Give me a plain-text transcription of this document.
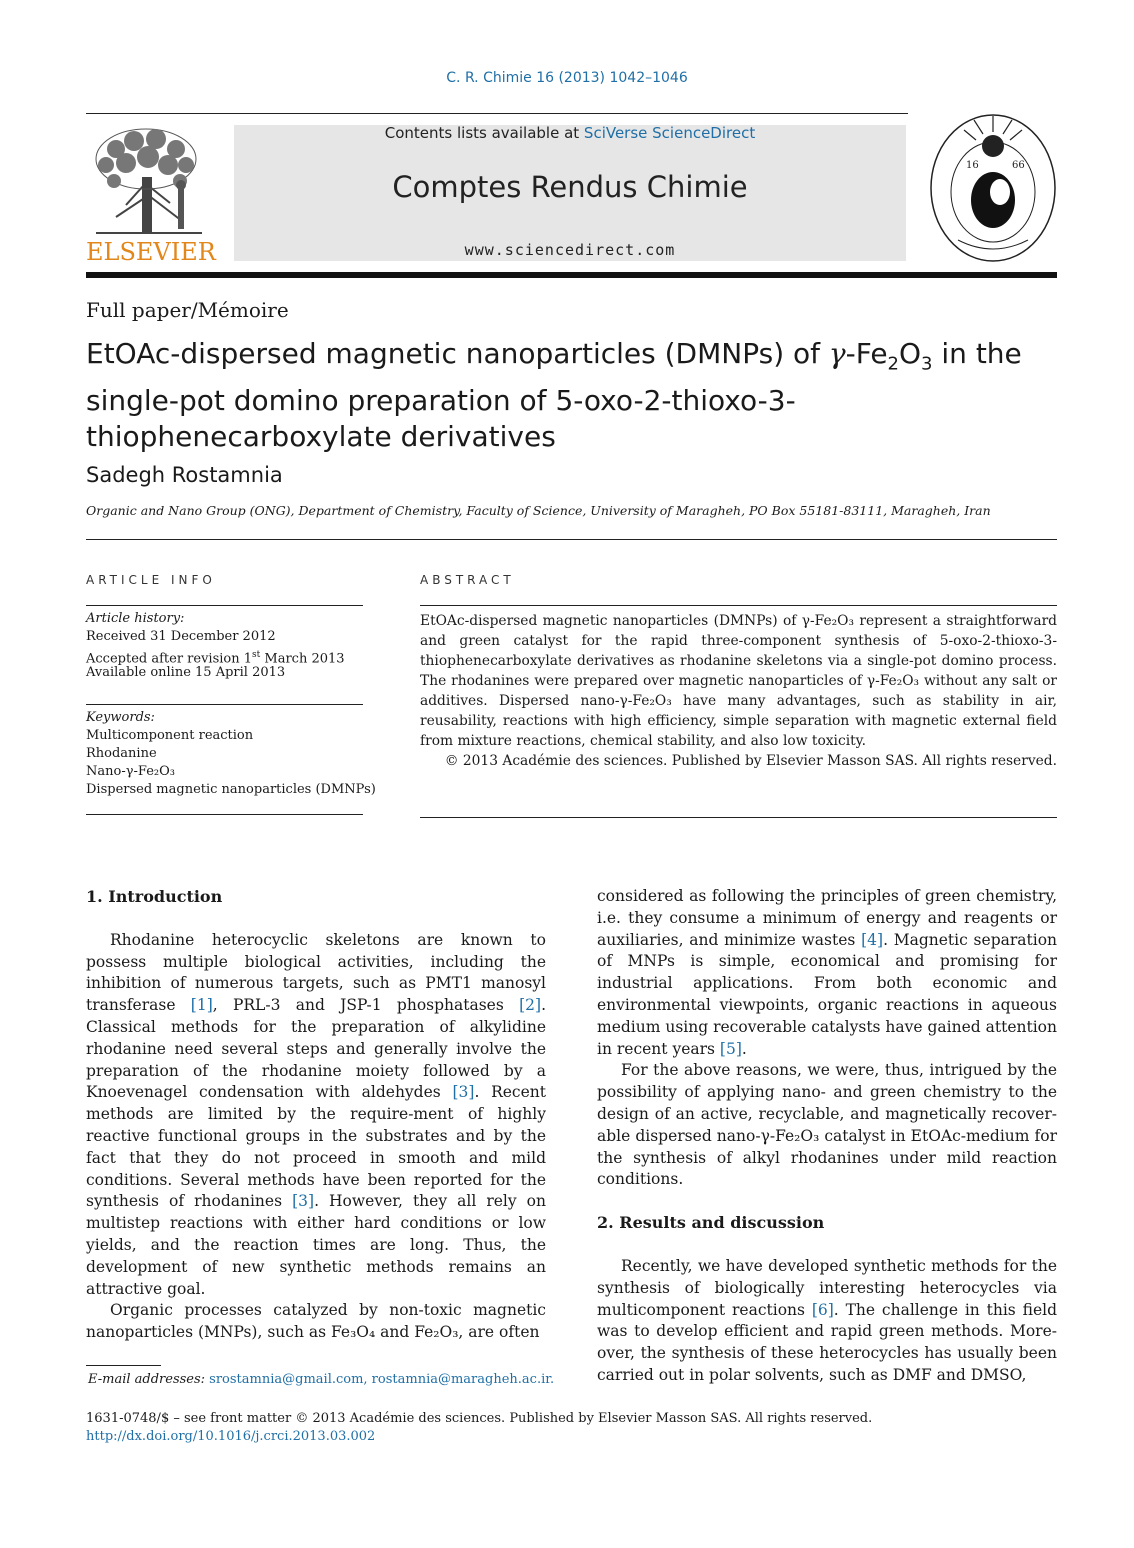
C. R. Chimie 16 (2013) 1042–1046
ELSEVIER
Contents lists available at SciVerse ScienceDirect
Comptes Rendus Chimie
www.sciencedirect.com
16	66
Full paper/Mémoire
EtOAc-dispersed magnetic nanoparticles (DMNPs) of $\gamma-Fe_2O_3$ in the single-pot domino preparation of 5-oxo-2-thioxo-3-thiophenecarboxylate derivatives
Sadegh Rostamnia
Organic and Nano Group (ONG), Department of Chemistry, Faculty of Science, University of Maragheh, PO Box 55181-83111, Maragheh, Iran
ARTICLE INFO
Article history:
Received 31 December 2012
Accepted after revision 1st March 2013
Available online 15 April 2013
Keywords:
Multicomponent reaction
Rhodanine
Nano-γ-Fe₂O₃
Dispersed magnetic nanoparticles (DMNPs)
ABSTRACT
EtOAc-dispersed magnetic nanoparticles (DMNPs) of γ-Fe₂O₃ represent a straightforward and green catalyst for the rapid three-component synthesis of 5-oxo-2-thioxo-3-thiophenecarboxylate derivatives as rhodanine skeletons via a single-pot domino process. The rhodanines were prepared over magnetic nanoparticles of γ-Fe₂O₃ without any salt or additives. Dispersed nano-γ-Fe₂O₃ have many advantages, such as stability in air, reusability, reactions with high efficiency, simple separation with magnetic external field from mixture reactions, chemical stability, and also low toxicity.
© 2013 Académie des sciences. Published by Elsevier Masson SAS. All rights reserved.
1. Introduction

Rhodanine heterocyclic skeletons are known to possess multiple biological activities, including the inhibition of numerous targets, such as PMT1 manosyl transferase [1], PRL-3 and JSP-1 phosphatases [2]. Classical methods for the preparation of alkylidine rhodanine need several steps and generally involve the preparation of the rhodanine moiety followed by a Knoevenagel condensation with aldehydes [3]. Recent methods are limited by the require-ment of highly reactive functional groups in the substrates and by the fact that they do not proceed in smooth and mild conditions. Several methods have been reported for the synthesis of rhodanines [3]. However, they all rely on multistep reactions with either hard conditions or low yields, and the reaction times are long. Thus, the development of new synthetic methods remains an attractive goal.

Organic processes catalyzed by non-toxic magnetic nanoparticles (MNPs), such as Fe₃O₄ and Fe₂O₃, are often

considered as following the principles of green chemistry, i.e. they consume a minimum of energy and reagents or auxiliaries, and minimize wastes [4]. Magnetic separation of MNPs is simple, economical and promising for industrial applications. From both economic and environmental viewpoints, organic reactions in aqueous medium using recoverable catalysts have gained attention in recent years [5].

For the above reasons, we were, thus, intrigued by the possibility of applying nano- and green chemistry to the design of an active, recyclable, and magnetically recover-able dispersed nano-γ-Fe₂O₃ catalyst in EtOAc-medium for the synthesis of alkyl rhodanines under mild reaction conditions.

2. Results and discussion

Recently, we have developed synthetic methods for the synthesis of biologically interesting heterocycles via multicomponent reactions [6]. The challenge in this field was to develop efficient and rapid green methods. More-over, the synthesis of these heterocycles has usually been carried out in polar solvents, such as DMF and DMSO,

E-mail addresses: srostamnia@gmail.com, rostamnia@maragheh.ac.ir.
1631-0748/$ – see front matter © 2013 Académie des sciences. Published by Elsevier Masson SAS. All rights reserved.
http://dx.doi.org/10.1016/j.crci.2013.03.002
